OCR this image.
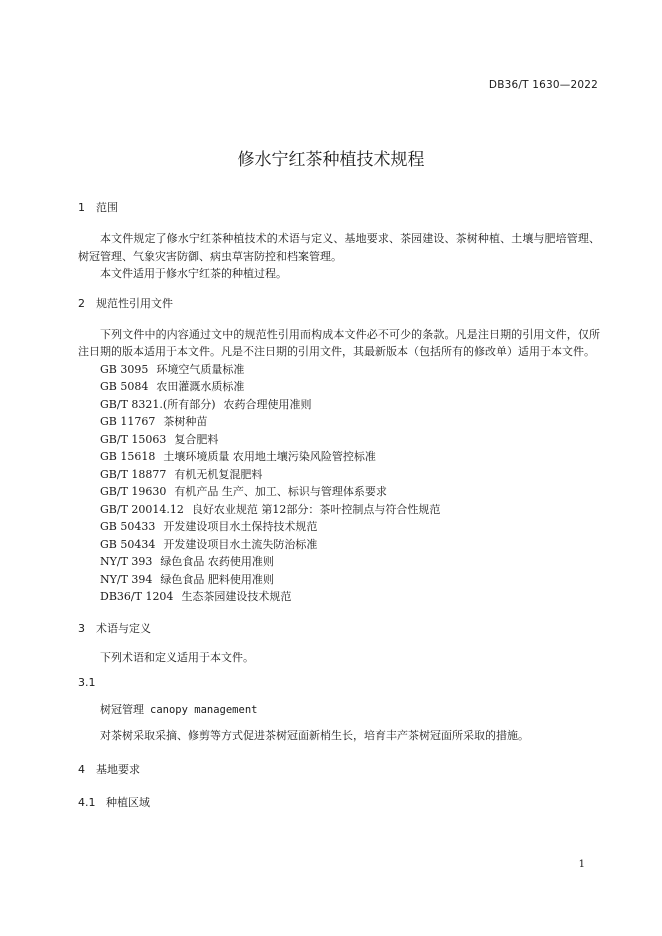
DB36/T 1630—2022
修水宁红茶种植技术规程
1	范围

本文件规定了修水宁红茶种植技术的术语与定义、基地要求、茶园建设、茶树种植、土壤与肥培管理、树冠管理、气象灾害防御、病虫草害防控和档案管理。

本文件适用于修水宁红茶的种植过程。

2	规范性引用文件

下列文件中的内容通过文中的规范性引用而构成本文件必不可少的条款。凡是注日期的引用文件，仅所注日期的版本适用于本文件。凡是不注日期的引用文件，其最新版本（包括所有的修改单）适用于本文件。

GB 3095 环境空气质量标准
GB 5084 农田灌溉水质标准
GB/T 8321.(所有部分) 农药合理使用准则
GB 11767 茶树种苗
GB/T 15063 复合肥料
GB 15618 土壤环境质量 农用地土壤污染风险管控标准
GB/T 18877 有机无机复混肥料
GB/T 19630 有机产品 生产、加工、标识与管理体系要求
GB/T 20014.12 良好农业规范 第12部分：茶叶控制点与符合性规范
GB 50433 开发建设项目水土保持技术规范
GB 50434 开发建设项目水土流失防治标准
NY/T 393 绿色食品 农药使用准则
NY/T 394 绿色食品 肥料使用准则
DB36/T 1204 生态茶园建设技术规范
3	术语与定义

下列术语和定义适用于本文件。

3.1
树冠管理 canopy management

对茶树采取采摘、修剪等方式促进茶树冠面新梢生长，培育丰产茶树冠面所采取的措施。

4	基地要求
4.1 种植区域
1
